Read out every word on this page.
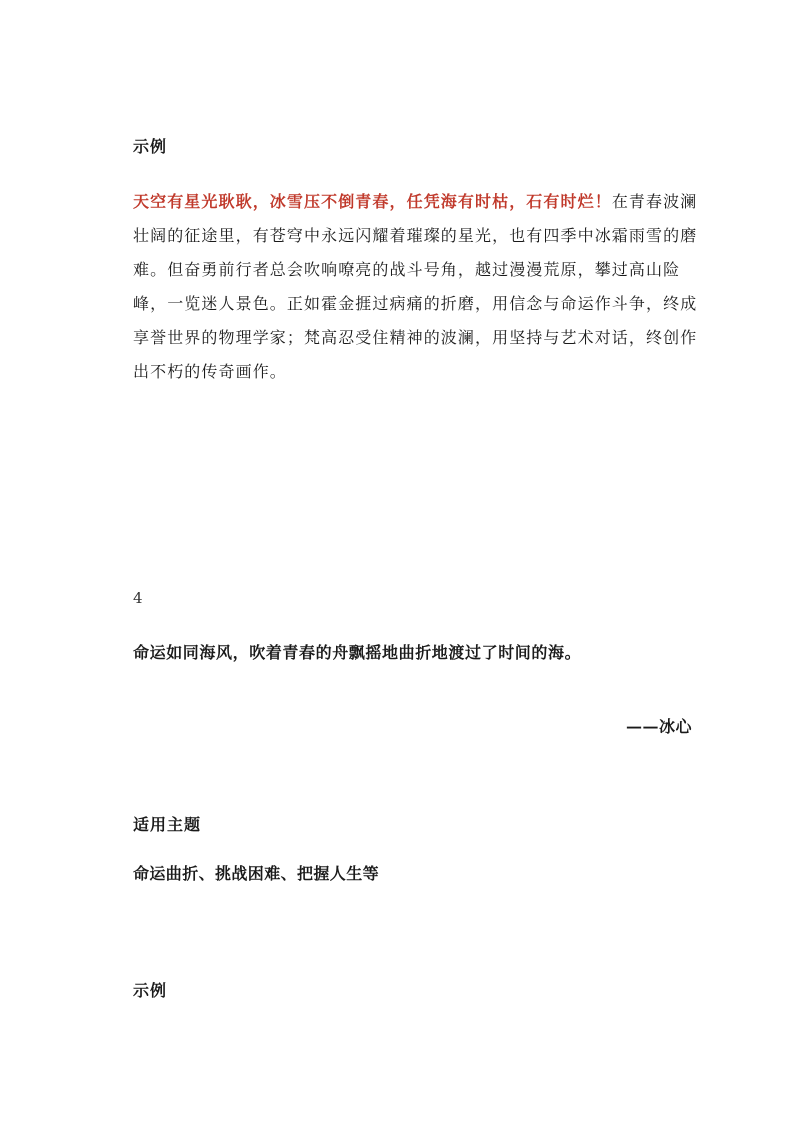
示例

天空有星光耿耿，冰雪压不倒青春，任凭海有时枯，石有时烂！在青春波澜壮阔的征途里，有苍穹中永远闪耀着璀璨的星光，也有四季中冰霜雨雪的磨难。但奋勇前行者总会吹响嘹亮的战斗号角，越过漫漫荒原，攀过高山险峰，一览迷人景色。正如霍金捱过病痛的折磨，用信念与命运作斗争，终成享誉世界的物理学家；梵高忍受住精神的波澜，用坚持与艺术对话，终创作出不朽的传奇画作。

4

命运如同海风，吹着青春的舟飘摇地曲折地渡过了时间的海。

——冰心

适用主题

命运曲折、挑战困难、把握人生等

示例
